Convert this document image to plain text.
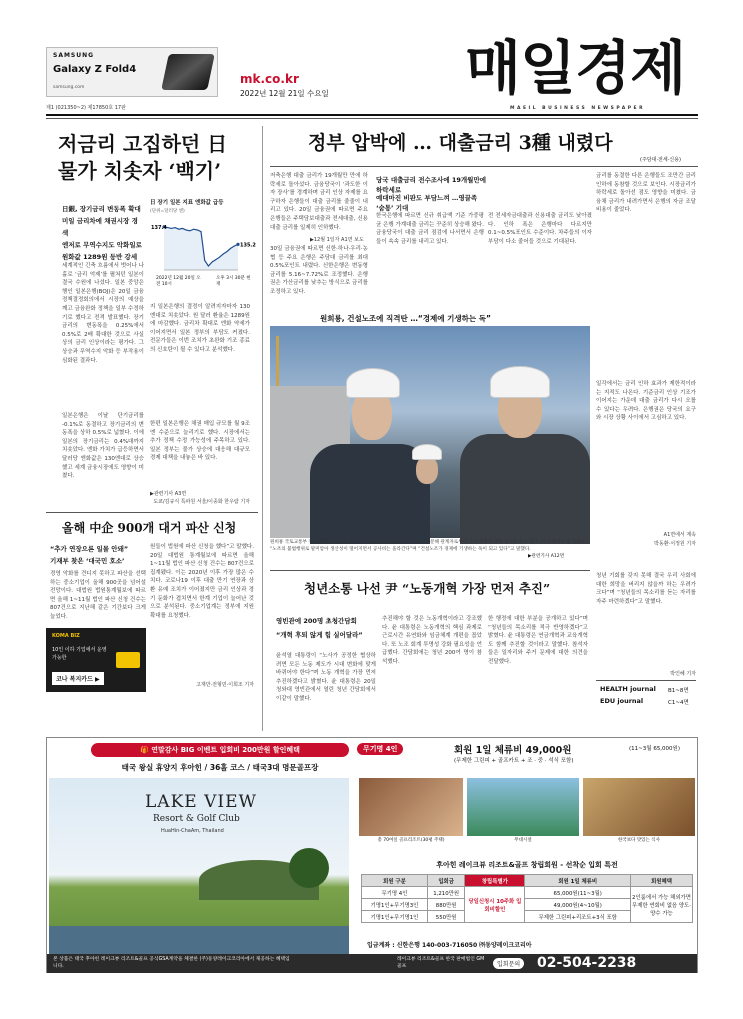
SAMSUNG
Galaxy Z Fold4
samsung.com
제1 (021350~2) 제17850호 17판
mk.co.kr
2022년 12월 21일 수요일 매일경제
MAEIL BUSINESS NEWSPAPER
저금리 고집하던 日
물가 치솟자 ‘백기’
日銀, 장기금리 변동폭 확대
미일 금리차에 채권시장 경색
엔저로 무역수지도 악화일로
원화값 1289원 등반 강세
日 장기 일본 지표 엔화값 급등
(단위=달러당 엔)
137.4
135.2
2022년 12월 20일 오전 10시
오후 3시 30분 현재
세계적인 긴축 흐름에서 벗어나 나홀로 ‘금리 억제’를 펼쳐던 일본이 결국 수원에 나섰다. 일본 중앙은행인 일본은행(BOJ)은 20일 금융정책결정회의에서 시장의 예상을 깨고 금융완화 정책을 일부 수정하기로 했다고 전격 발표했다. 장기금리의 변동폭을 0.25%에서 0.5%로 2배 확대한 것으로 사실상의 금리 인상이라는 평가다. 그 상승과 무역수지 악화 등 부작용이 심화된 결과다.
일본은행은 이날 단기금리를 -0.1%로 동결하고 장기금리의 변동폭을 상하 0.5%로 넓혔다. 이에 일본의 장기금리는 0.4%대까지 치솟았다. 엔화 가치가 급등하면서 달러당 엔화값은 130엔대로 상승했고 세계 금융시장에도 영향이 미쳤다.
지 일본은행의 결정이 알려지자마자 130엔대로 치솟았다. 원 달러 환율은 1289원에 마감했다. 금리차 확대로 엔화 약세가 이어지면서 일본 정부의 부담도 커졌다. 전문가들은 이번 조치가 초완화 기조 종료의 신호탄이 될 수 있다고 분석했다.
한편 일본은행은 채권 매입 규모를 월 9조엔 수준으로 늘리기로 했다. 시장에서는 추가 정책 수정 가능성에 주목하고 있다. 일본 정부는 물가 상승에 대응해 대규모 경제 대책을 내놓은 바 있다.
▶관련기사 A3면
도쿄/김규식 특파원 서울/이종화 한우람 기자
올해 中企 900개 대거 파산 신청
“추가 연장으론 일몰 안돼”
기재부 찾은 ‘대국민 호소’
경영 악화를 견디지 못하고 파산을 선택하는 중소기업이 올해 900곳을 넘어설 전망이다. 대법원 법원통계월보에 따르면 올해 1~11월 법인 파산 신청 건수는 807건으로 지난해 같은 기간보다 크게 늘었다.
원들이 법원에 파산 신청을 했다”고 말했다. 20일 대법원 통계월보에 따르면 올해 1~11월 법인 파산 신청 건수는 807건으로 집계됐다. 이는 2020년 이후 가장 많은 수치다. 코로나19 이후 대출 만기 연장과 상환 유예 조치가 이어졌지만 금리 인상과 경기 둔화가 겹치면서 한계 기업이 늘어난 것으로 분석된다. 중소기업계는 정부에 지원 확대를 요청했다.
고재만·전형민·이희조 기자
KOMA BIZ
10인 이하 기업에서 운영 가능한
코나 복지카드 ▶
정부 압박에 … 대출금리 3種 내렸다
(주담대·전세·신용)
저축은행 대출 금리가 19개월만 만에 하락세로 돌아섰다. 금융당국이 ‘과도한 이자 장사’를 경계하며 금리 인상 자제를 요구하자 은행들이 대출 금리를 줄줄이 내리고 있다. 20일 금융권에 따르면 주요 은행들은 주택담보대출과 전세대출, 신용대출 금리를 일제히 인하했다.
▶12월 1일자 A1면 보도
30일 금융권에 따르면 신한·하나·우리·농협 등 주요 은행은 주담대 금리를 최대 0.5%포인트 내렸다. 신한은행은 변동형 금리를 5.16~7.72%로 조정했다. 은행권은 가산금리를 낮추는 방식으로 금리를 조정하고 있다.
당국 대출금리 전수조사에 19개월만에 하락세로
예대마진 비판도 부담느껴 …영끌족 ‘숨통’ 기대
한국은행에 따르면 신규 취급액 기준 가중평균 은행 가계대출 금리는 꾸준히 상승해 왔다. 금융당국이 대출 금리 점검에 나서면서 은행들이 속속 금리를 내리고 있다.
전 전세자금대출과 신용대출 금리도 낮아졌다. 인하 폭은 은행마다 다르지만 0.1~0.5%포인트 수준이다. 차주들의 이자 부담이 다소 줄어들 것으로 기대된다.
금리를 동결한 다른 은행들도 조만간 금리 인하에 동참할 것으로 보인다. 시장금리가 하락세로 돌아선 점도 영향을 미쳤다. 금융채 금리가 내려가면서 은행의 자금 조달 비용이 줄었다.
일각에서는 금리 인하 효과가 제한적이라는 지적도 나온다. 기준금리 인상 기조가 이어지는 가운데 대출 금리가 다시 오를 수 있다는 우려다. 은행권은 당국의 요구와 시장 상황 사이에서 고심하고 있다.
A1면에서 계속
박동환·서정원 기자
원희룡, 건설노조에 직격탄 …“경제에 기생하는 독”
원희룡 국토교통부 장관(왼쪽)이 20일 세종시 산울동 아파트 건설공사 현장을 방문해 관계자로부터 공사 현황에 대해 설명을 듣고 있다. 이 자리에서 원 장관은 “노조의 불법행위로 말미암아 생산성이 떨어지면서 공사비는 올라간다”며 “건설노조가 경제에 기생하는 독이 되고 있다”고 말했다.
▶관련기사 A12면
청년소통 나선 尹 “노동개혁 가장 먼저 추진”
영빈관에 200명 초청간담회
“개혁 후퇴 않게 힘 실어달라”
윤석열 대통령이 “노사가 공정한 협상하려면 모든 노동 제도가 시대 변화에 맞게 바뀌어야 한다”며 노동 개혁을 가장 먼저 추진하겠다고 밝혔다. 윤 대통령은 20일 청와대 영빈관에서 열린 청년 간담회에서 이같이 말했다.
추진해야 할 것은 노동개혁이라고 강조했다. 윤 대통령은 노동개혁의 핵심 과제로 근로시간 유연화와 임금체계 개편을 꼽았다. 또 노조 회계 투명성 강화 필요성을 언급했다. 간담회에는 청년 200여 명이 참석했다.
한 행정에 대한 부분을 공개하고 있다”며 “청년들의 목소리를 적극 반영하겠다”고 밝혔다. 윤 대통령은 연금개혁과 교육개혁도 함께 추진할 것이라고 말했다. 참석자들은 일자리와 주거 문제에 대한 의견을 전달했다.
청년 기회를 갖지 못해 결국 우리 사회에 대한 희망을 버리지 않을까 하는 우려가 크다”며 “청년들의 목소리를 듣는 자리를 자주 마련하겠다”고 말했다.
박인혜 기자
HEALTH journal B1~8면
EDU journal	C1~4면
🎁 연말감사 BIG 이벤트 입회비 200만원 할인혜택
태국 왕실 휴양지 후아힌 / 36홀 코스 / 태국3대 명문골프장
LAKE VIEW
Resort & Golf Club
HuaHin-ChaAm, Thailand
무기명 4인	회원 1일 체류비 49,000원	(11~3월 65,000원)
(무제한 그린피 + 골프카트 + 조 · 중 · 석식 포함)
총 70여실 골프리조트(30평 주택)	무대시설	한국보다 맛있는 식사
후아힌 레이크뷰 리조트&골프 창립회원 - 선착순 입회 특전
회원 구분	입회금	창립특별가	회원 1일 체류비	회원혜택
무기명 4인	1,210만원	당일신청시 10주화 입회비할인	65,000원(11~3월)	2인룸에서 가능 해외가면 무제한 연회비 없음 양도·양수 가능
기명1인+무기명3인	880만원		49,000원(4~10월)	
기명1인+무기명1인	550만원		무제한 그린피+리조트+3식 포함	
입금계좌 : 신한은행 140-003-716050 ㈜동양레이크코리아
본 상품은 태국 후아힌 레이크뷰 리조트&골프 공식GSA계약을 체결한 (주)동양레이크코리아에서 제공하는 혜택입니다.
레이크뷰 리조트&골프 한국 판매법인 GM골프	입회문의 02-504-2238
